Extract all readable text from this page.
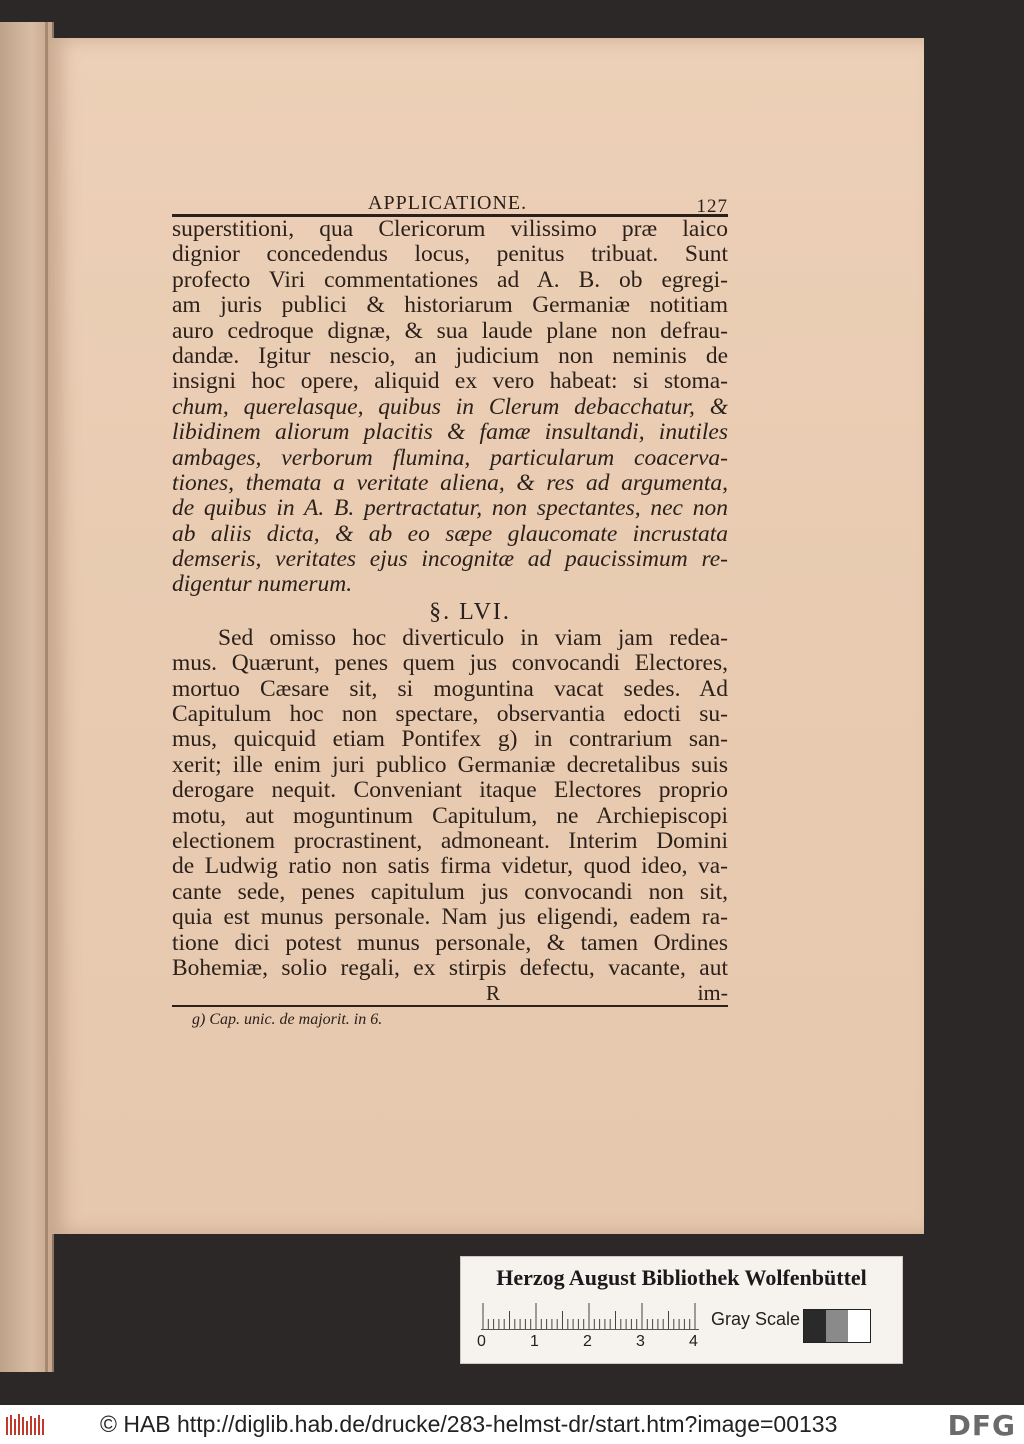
APPLICATIONE.	127
superstitioni, qua Clericorum vilissimo præ laico
dignior concedendus locus, penitus tribuat. Sunt
profecto Viri commentationes ad A. B. ob egregi-
am juris publici & historiarum Germaniæ notitiam
auro cedroque dignæ, & sua laude plane non defrau-
dandæ. Igitur nescio, an judicium non neminis de
insigni hoc opere, aliquid ex vero habeat: si stoma-
chum, querelasque, quibus in Clerum debacchatur, &
libidinem aliorum placitis & famæ insultandi, inutiles
ambages, verborum flumina, particularum coacerva-
tiones, themata a veritate aliena, & res ad argumenta,
de quibus in A. B. pertractatur, non spectantes, nec non
ab aliis dicta, & ab eo sæpe glaucomate incrustata
demseris, veritates ejus incognitæ ad paucissimum re-
digentur numerum.
§. LVI.
Sed omisso hoc diverticulo in viam jam redea-
mus. Quærunt, penes quem jus convocandi Electores,
mortuo Cæsare sit, si moguntina vacat sedes. Ad
Capitulum hoc non spectare, observantia edocti su-
mus, quicquid etiam Pontifex g) in contrarium san-
xerit; ille enim juri publico Germaniæ decretalibus suis
derogare nequit. Conveniant itaque Electores proprio
motu, aut moguntinum Capitulum, ne Archiepiscopi
electionem procrastinent, admoneant. Interim Domini
de Ludwig ratio non satis firma videtur, quod ideo, va-
cante sede, penes capitulum jus convocandi non sit,
quia est munus personale. Nam jus eligendi, eadem ra-
tione dici potest munus personale, & tamen Ordines
Bohemiæ, solio regali, ex stirpis defectu, vacante, aut
R	im-
g) Cap. unic. de majorit. in 6.
Herzog August Bibliothek Wolfenbüttel
0	1	2	3	4
Gray Scale
© HAB http://diglib.hab.de/drucke/283-helmst-dr/start.htm?image=00133	DFG
